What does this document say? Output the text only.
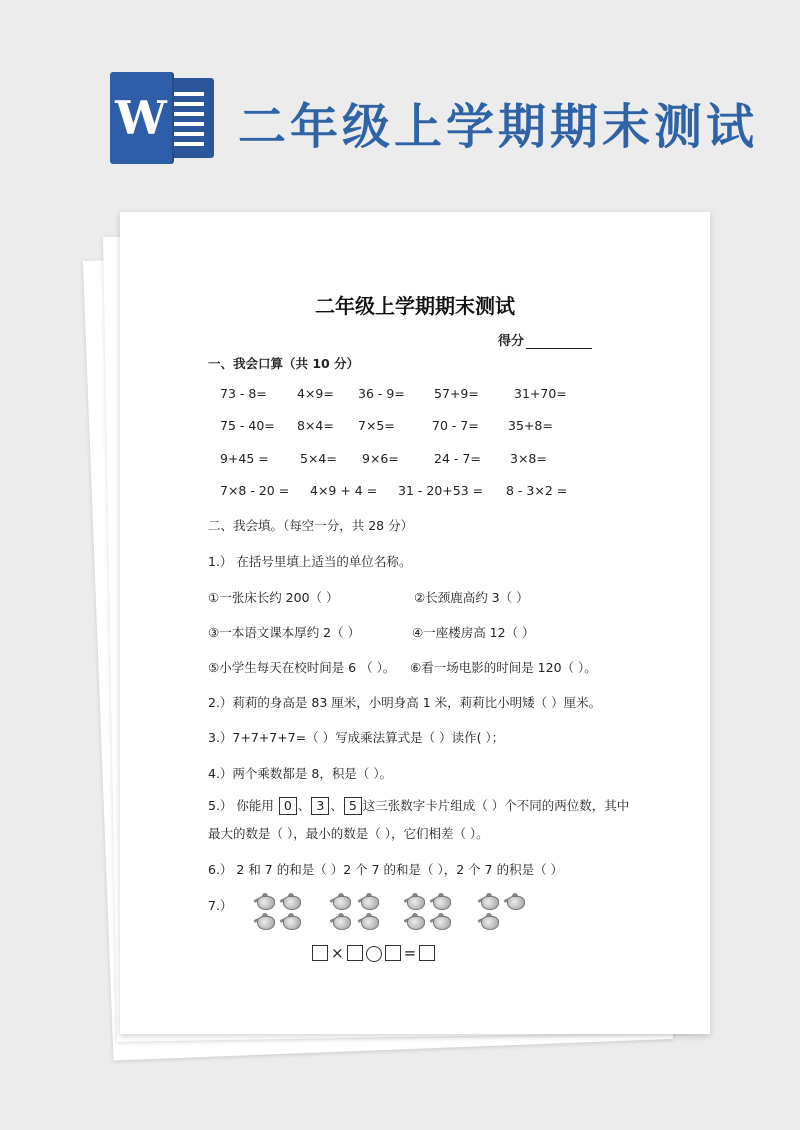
W 二年级上学期期末测试
二年级上学期期末测试
得分
一、我会口算（共 10 分）
73 - 8= 4×9= 36 - 9= 57+9=	31+70=
75 - 40= 8×4= 7×5=	70 - 7= 35+8=
9+45 = 5×4= 9×6=	24 - 7= 3×8=
7×8 - 20 = 4×9 + 4 = 31 - 20+53 = 8 - 3×2 =
二、我会填。（每空一分，共 28 分）
1.） 在括号里填上适当的单位名称。
①一张床长约 200（ ）	②长颈鹿高约 3（ ）
③一本语文课本厚约 2（ ）	④一座楼房高 12（ ）
⑤小学生每天在校时间是 6 （ ）。 ⑥看一场电影的时间是 120（ ）。
2.）莉莉的身高是 83 厘米，小明身高 1 米，莉莉比小明矮（ ）厘米。
3.）7+7+7+7=（ ）写成乘法算式是（ ）读作( ）；
4.）两个乘数都是 8，积是（ ）。
5.） 你能用 0 、 3 、 5 这三张数字卡片组成（ ）个不同的两位数，其中
最大的数是（ ），最小的数是（ ），它们相差（ ）。
6.） 2 和 7 的和是（ ）2 个 7 的和是（ ），2 个 7 的积是（ ）
7.）
×	=
